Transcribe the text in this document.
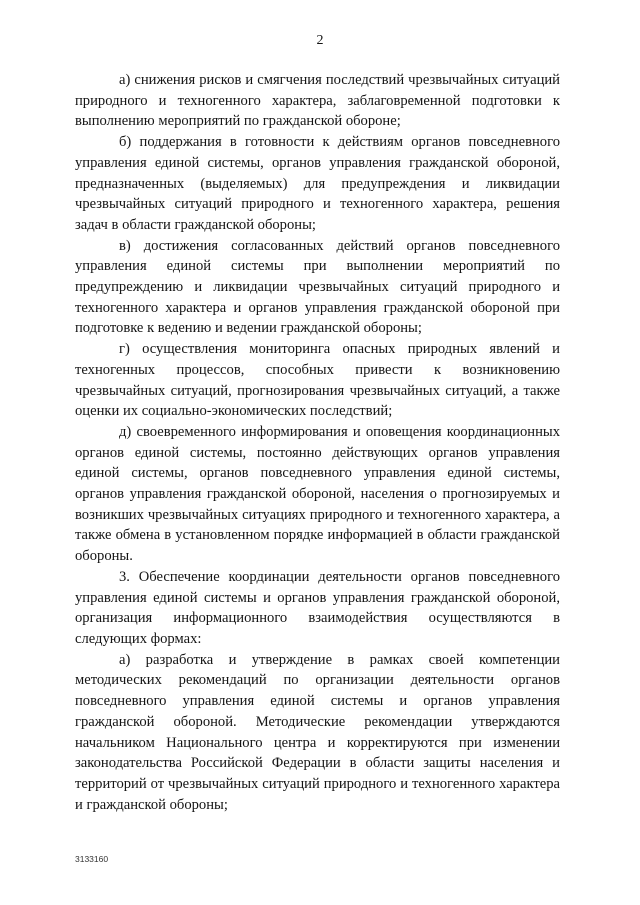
2

а) снижения рисков и смягчения последствий чрезвычайных ситуаций природного и техногенного характера, заблаговременной подготовки к выполнению мероприятий по гражданской обороне;

б) поддержания в готовности к действиям органов повседневного управления единой системы, органов управления гражданской обороной, предназначенных (выделяемых) для предупреждения и ликвидации чрезвычайных ситуаций природного и техногенного характера, решения задач в области гражданской обороны;

в) достижения согласованных действий органов повседневного управления единой системы при выполнении мероприятий по предупреждению и ликвидации чрезвычайных ситуаций природного и техногенного характера и органов управления гражданской обороной при подготовке к ведению и ведении гражданской обороны;

г) осуществления мониторинга опасных природных явлений и техногенных процессов, способных привести к возникновению чрезвычайных ситуаций, прогнозирования чрезвычайных ситуаций, а также оценки их социально-экономических последствий;

д) своевременного информирования и оповещения координационных органов единой системы, постоянно действующих органов управления единой системы, органов повседневного управления единой системы, органов управления гражданской обороной, населения о прогнозируемых и возникших чрезвычайных ситуациях природного и техногенного характера, а также обмена в установленном порядке информацией в области гражданской обороны.

3. Обеспечение координации деятельности органов повседневного управления единой системы и органов управления гражданской обороной, организация информационного взаимодействия осуществляются в следующих формах:

а) разработка и утверждение в рамках своей компетенции методических рекомендаций по организации деятельности органов повседневного управления единой системы и органов управления гражданской обороной. Методические рекомендации утверждаются начальником Национального центра и корректируются при изменении законодательства Российской Федерации в области защиты населения и территорий от чрезвычайных ситуаций природного и техногенного характера и гражданской обороны;

3133160
